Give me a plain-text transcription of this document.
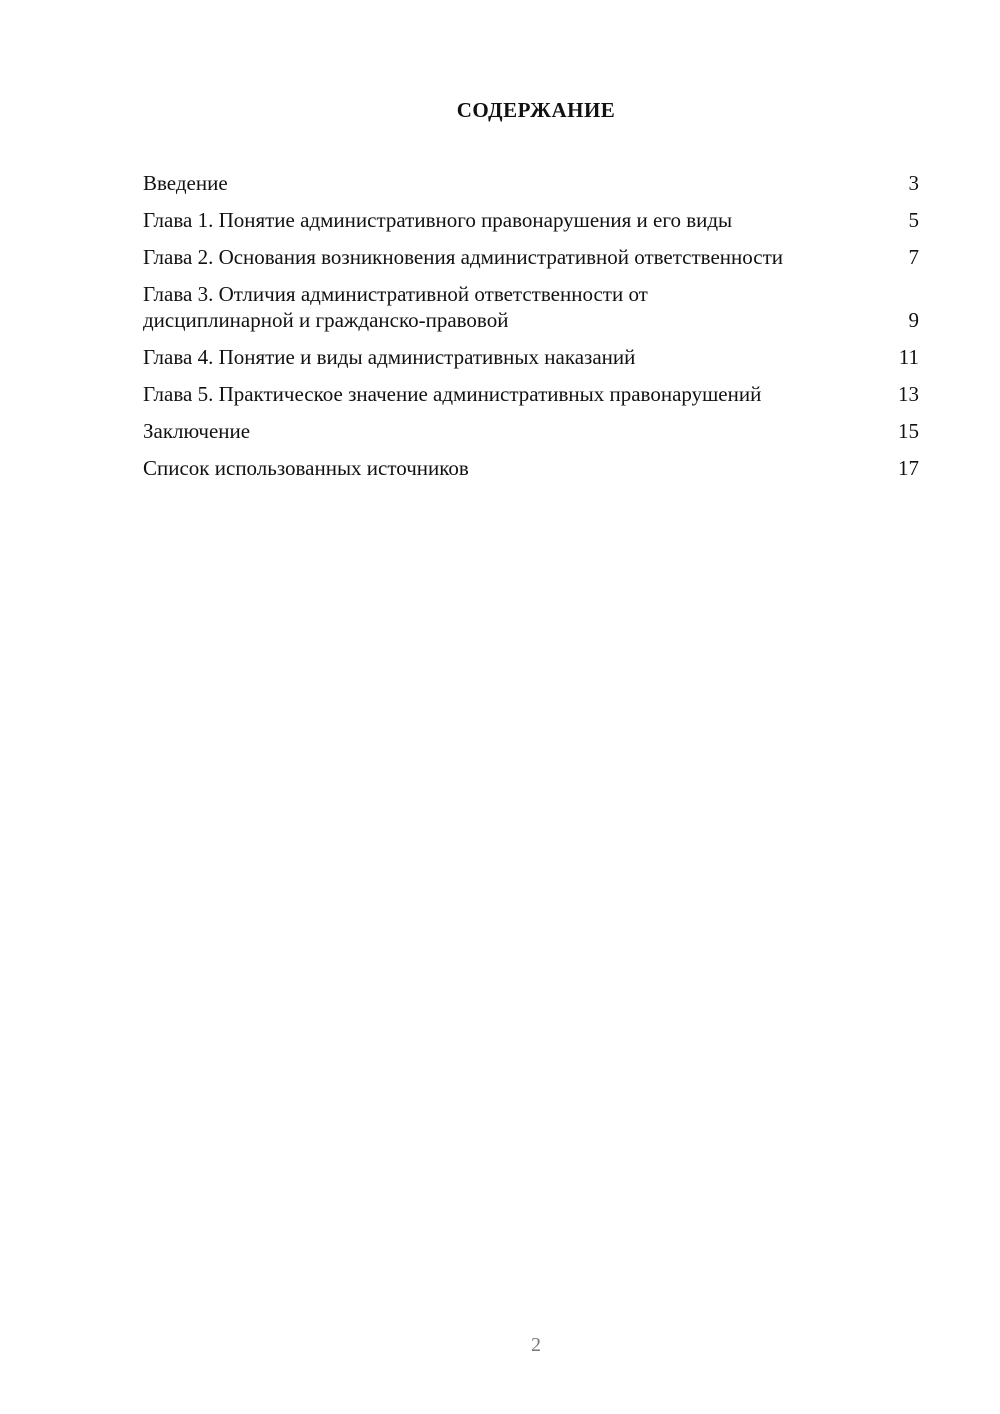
СОДЕРЖАНИЕ
Введение	3
Глава 1. Понятие административного правонарушения и его виды	5
Глава 2. Основания возникновения административной ответственности	7
Глава 3. Отличия административной ответственности от дисциплинарной и гражданско-правовой	9
Глава 4. Понятие и виды административных наказаний	11
Глава 5. Практическое значение административных правонарушений	13
Заключение	15
Список использованных источников	17
2
